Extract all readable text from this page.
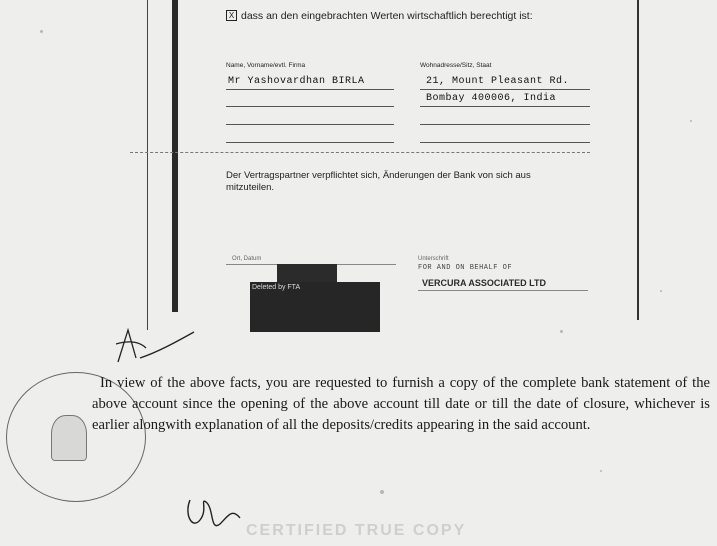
X dass an den eingebrachten Werten wirtschaftlich berechtigt ist:
Name, Vorname/evtl. Firma	Wohnadresse/Sitz, Staat
Mr Yashovardhan BIRLA	21, Mount Pleasant Rd.
Bombay 400006, India
Der Vertragspartner verpflichtet sich, Änderungen der Bank von sich aus
mitzuteilen.
Ort, Datum	Unterschrift
FOR AND ON BEHALF OF
VERCURA ASSOCIATED LTD
Deleted by FTA
In view of the above facts, you are requested to furnish a copy of the complete bank statement of the above account since the opening of the above account till date or till the date of closure, whichever is earlier alongwith explanation of all the deposits/credits appearing in the said account.
CERTIFIED TRUE COPY
